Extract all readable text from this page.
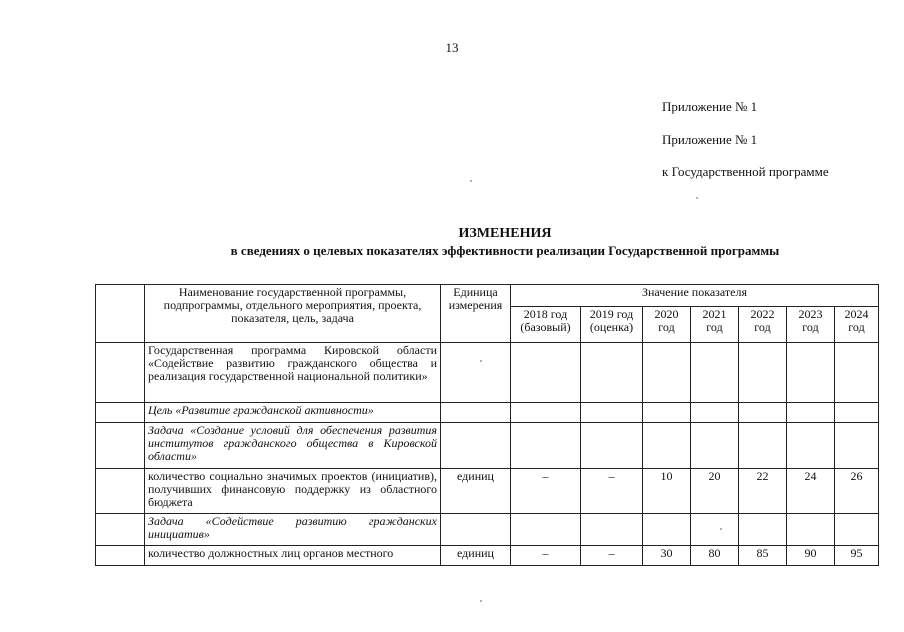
13
Приложение № 1
Приложение № 1
к Государственной программе
ИЗМЕНЕНИЯ
в сведениях о целевых показателях эффективности реализации Государственной программы
	Наименование государственной программы, подпрограммы, отдельного мероприятия, проекта, показателя, цель, задача	Единица измерения	Значение показателя						
			2018 год (базовый)	2019 год (оценка)	2020 год	2021 год	2022 год	2023 год	2024 год
	Государственная программа Кировской области «Содействие развитию гражданского общества и реализация государственной национальной политики»								
	Цель «Развитие гражданской активности»								
	Задача «Создание условий для обеспечения развития институтов гражданского общества в Кировской области»								
	количество социально значимых проектов (инициатив), получивших финансовую поддержку из областного бюджета	единиц	–	–	10	20	22	24	26
	Задача «Содействие развитию гражданских инициатив»								
	количество должностных лиц органов местного	единиц	–	–	30	80	85	90	95
